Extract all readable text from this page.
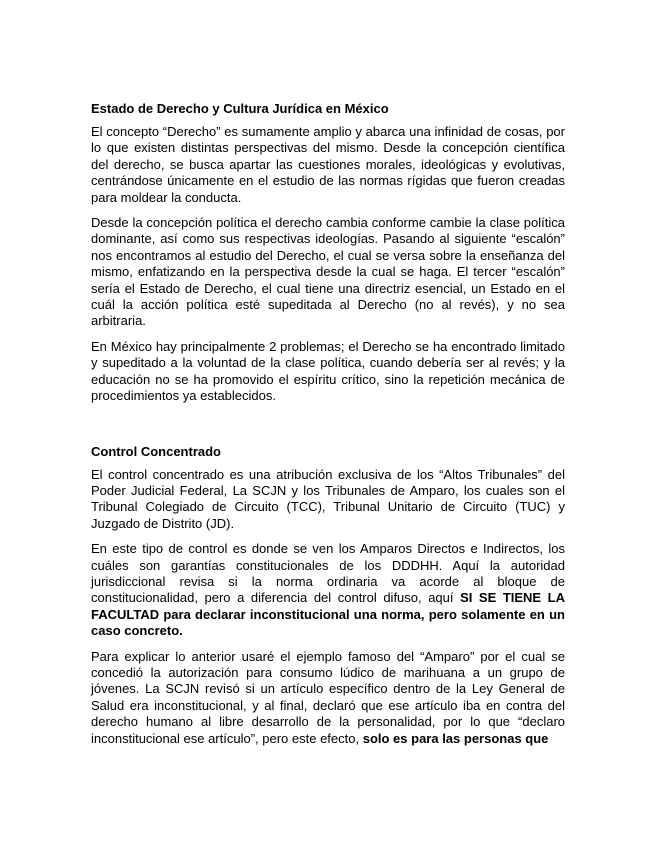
Estado de Derecho y Cultura Jurídica en México

El concepto “Derecho” es sumamente amplio y abarca una infinidad de cosas, por lo que existen distintas perspectivas del mismo. Desde la concepción científica del derecho, se busca apartar las cuestiones morales, ideológicas y evolutivas, centrándose únicamente en el estudio de las normas rígidas que fueron creadas para moldear la conducta.

Desde la concepción política el derecho cambia conforme cambie la clase política dominante, así como sus respectivas ideologías. Pasando al siguiente “escalón” nos encontramos al estudio del Derecho, el cual se versa sobre la enseñanza del mismo, enfatizando en la perspectiva desde la cual se haga. El tercer “escalón” sería el Estado de Derecho, el cual tiene una directriz esencial, un Estado en el cuál la acción política esté supeditada al Derecho (no al revés), y no sea arbitraria.

En México hay principalmente 2 problemas; el Derecho se ha encontrado limitado y supeditado a la voluntad de la clase política, cuando debería ser al revés; y la educación no se ha promovido el espíritu crítico, sino la repetición mecánica de procedimientos ya establecidos.

Control Concentrado

El control concentrado es una atribución exclusiva de los “Altos Tribunales” del Poder Judicial Federal, La SCJN y los Tribunales de Amparo, los cuales son el Tribunal Colegiado de Circuito (TCC), Tribunal Unitario de Circuito (TUC) y Juzgado de Distrito (JD).

En este tipo de control es donde se ven los Amparos Directos e Indirectos, los cuáles son garantías constitucionales de los DDDHH. Aquí la autoridad jurisdiccional revisa si la norma ordinaria va acorde al bloque de constitucionalidad, pero a diferencia del control difuso, aquí SI SE TIENE LA FACULTAD para declarar inconstitucional una norma, pero solamente en un caso concreto.

Para explicar lo anterior usaré el ejemplo famoso del “Amparo” por el cual se concedió la autorización para consumo lúdico de marihuana a un grupo de jóvenes. La SCJN revisó si un artículo específico dentro de la Ley General de Salud era inconstitucional, y al final, declaró que ese artículo iba en contra del derecho humano al libre desarrollo de la personalidad, por lo que “declaro inconstitucional ese artículo”, pero este efecto, solo es para las personas que
